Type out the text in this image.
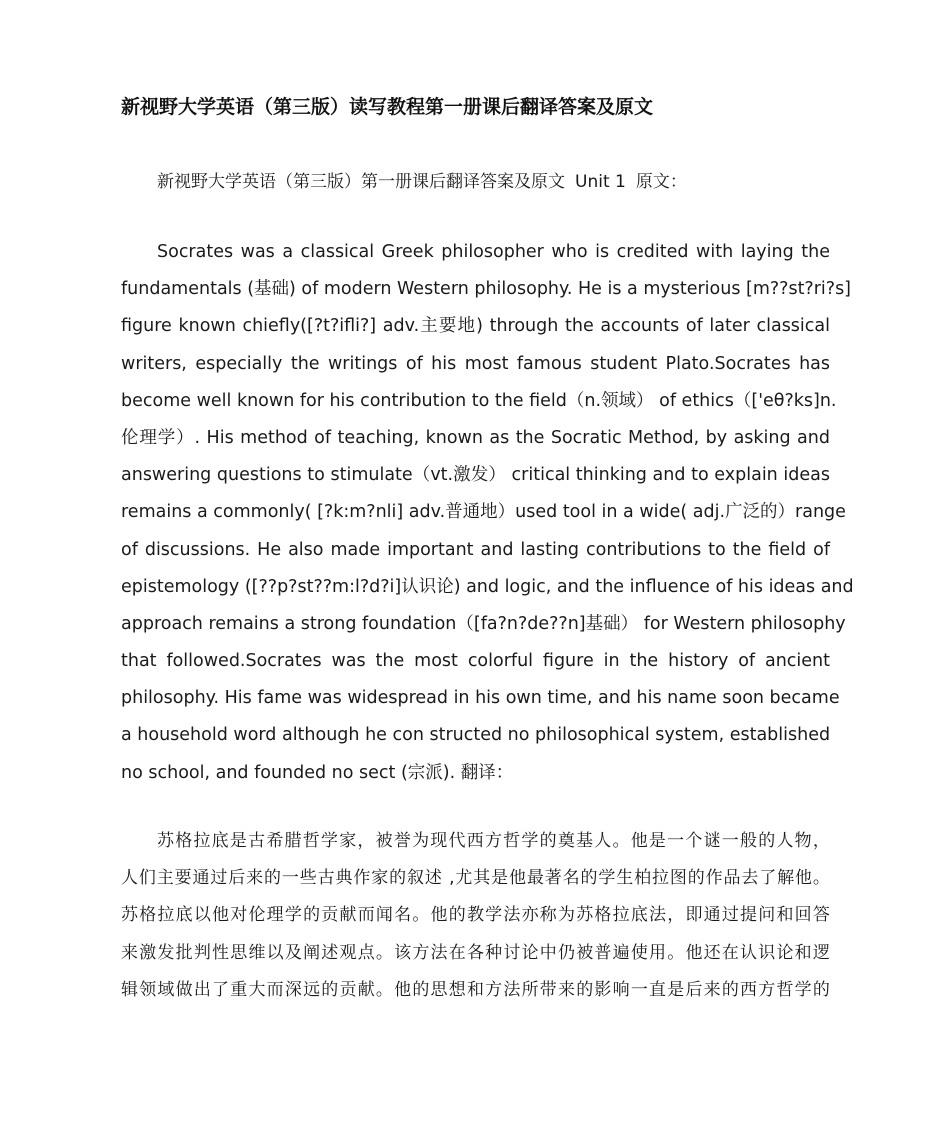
新视野大学英语（第三版）读写教程第一册课后翻译答案及原文

新视野大学英语（第三版）第一册课后翻译答案及原文 Unit 1 原文：

Socrates was a classical Greek philosopher who is credited with laying the
fundamentals (基础) of modern Western philosophy. He is a mysterious [m??st?ri?s]
figure known chiefly([?t?ifli?] adv.主要地) through the accounts of later classical
writers, especially the writings of his most famous student Plato.Socrates has
become well known for his contribution to the field（n.领域） of ethics（['eθ?ks]n.
伦理学）. His method of teaching, known as the Socratic Method, by asking and
answering questions to stimulate（vt.激发） critical thinking and to explain ideas
remains a commonly( [?k:m?nli] adv.普通地）used tool in a wide( adj.广泛的）range
of discussions. He also made important and lasting contributions to the field of
epistemology ([??p?st??m:l?d?i]认识论) and logic, and the influence of his ideas and
approach remains a strong foundation（[fa?n?de??n]基础） for Western philosophy
that followed.Socrates was the most colorful figure in the history of ancient
philosophy. His fame was widespread in his own time, and his name soon became
a household word although he con structed no philosophical system, established
no school, and founded no sect (宗派). 翻译：
苏格拉底是古希腊哲学家，被誉为现代西方哲学的奠基人。他是一个谜一般的人物，
人们主要通过后来的一些古典作家的叙述 ,尤其是他最著名的学生柏拉图的作品去了解他。
苏格拉底以他对伦理学的贡献而闻名。他的教学法亦称为苏格拉底法，即通过提问和回答
来激发批判性思维以及阐述观点。该方法在各种讨论中仍被普遍使用。他还在认识论和逻
辑领域做出了重大而深远的贡献。他的思想和方法所带来的影响一直是后来的西方哲学的
